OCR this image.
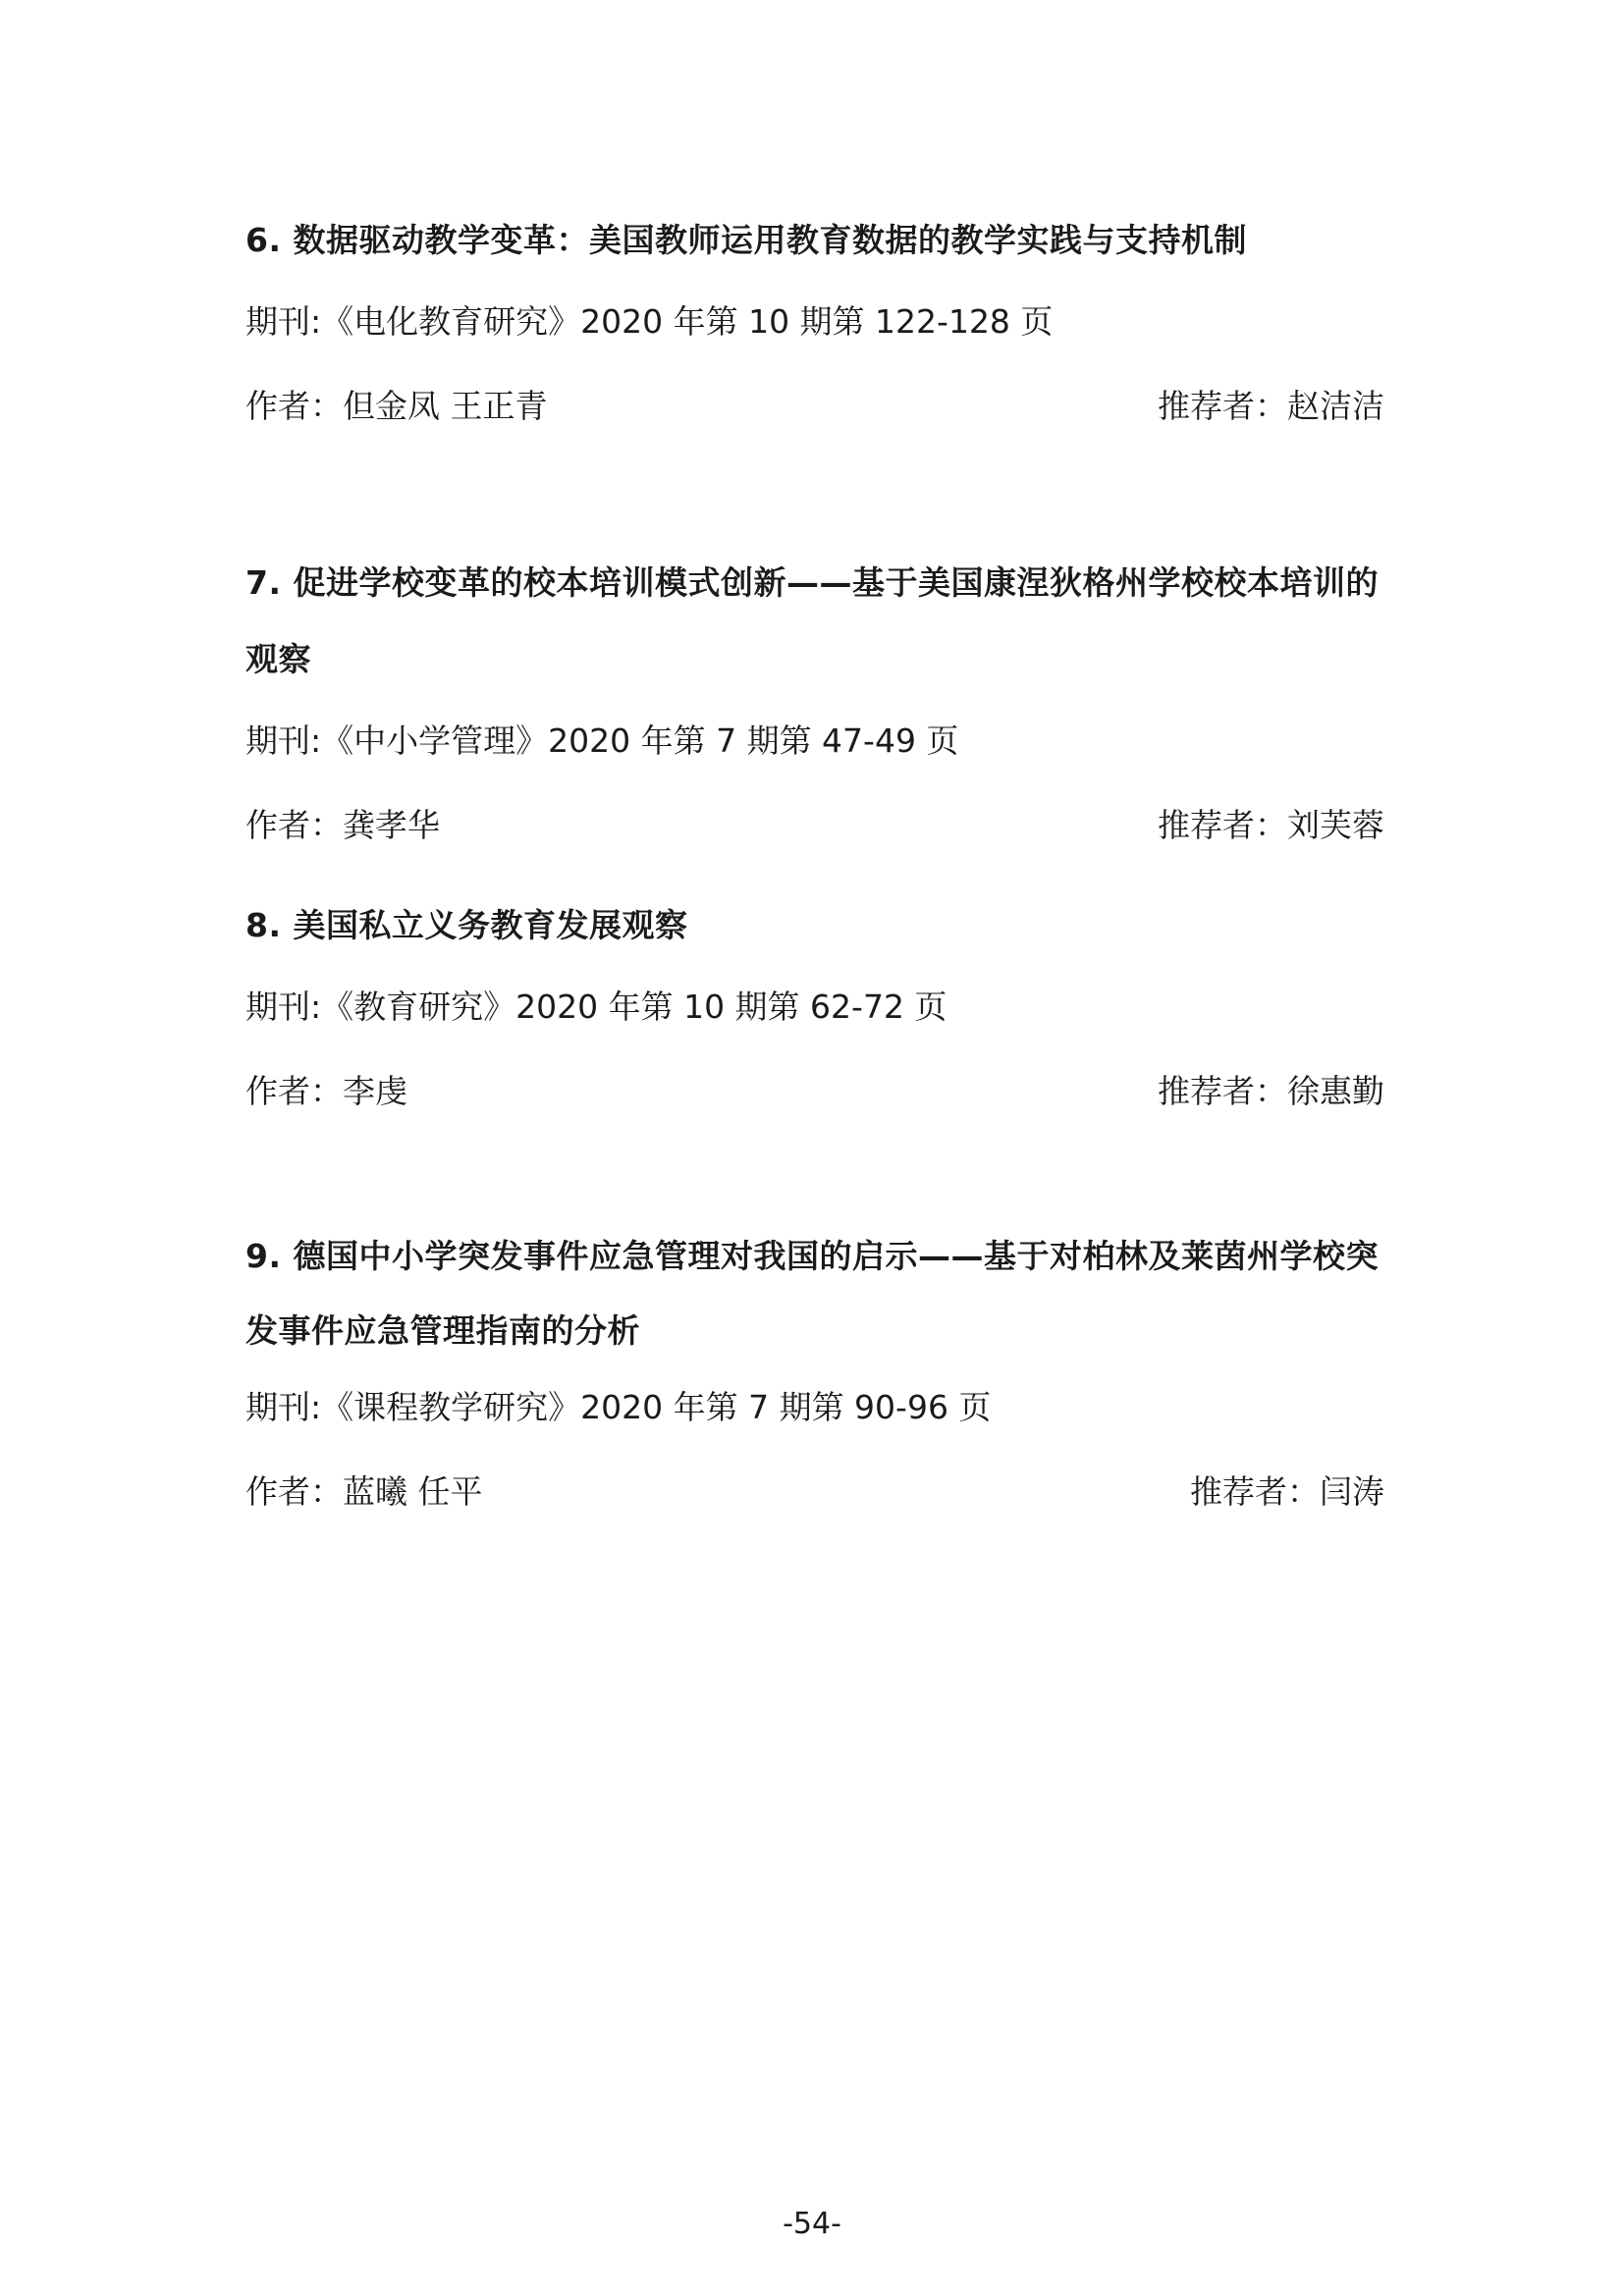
6. 数据驱动教学变革：美国教师运用教育数据的教学实践与支持机制

期刊:《电化教育研究》2020 年第 10 期第 122-128 页

作者：但金凤 王正青	推荐者：赵洁洁

7. 促进学校变革的校本培训模式创新——基于美国康涅狄格州学校校本培训的观察

期刊:《中小学管理》2020 年第 7 期第 47-49 页

作者：龚孝华	推荐者：刘芙蓉

8. 美国私立义务教育发展观察

期刊:《教育研究》2020 年第 10 期第 62-72 页

作者：李虔	推荐者：徐惠勤

9. 德国中小学突发事件应急管理对我国的启示——基于对柏林及莱茵州学校突

发事件应急管理指南的分析

期刊:《课程教学研究》2020 年第 7 期第 90-96 页

作者：蓝曦 任平	推荐者：闫涛
-54-
